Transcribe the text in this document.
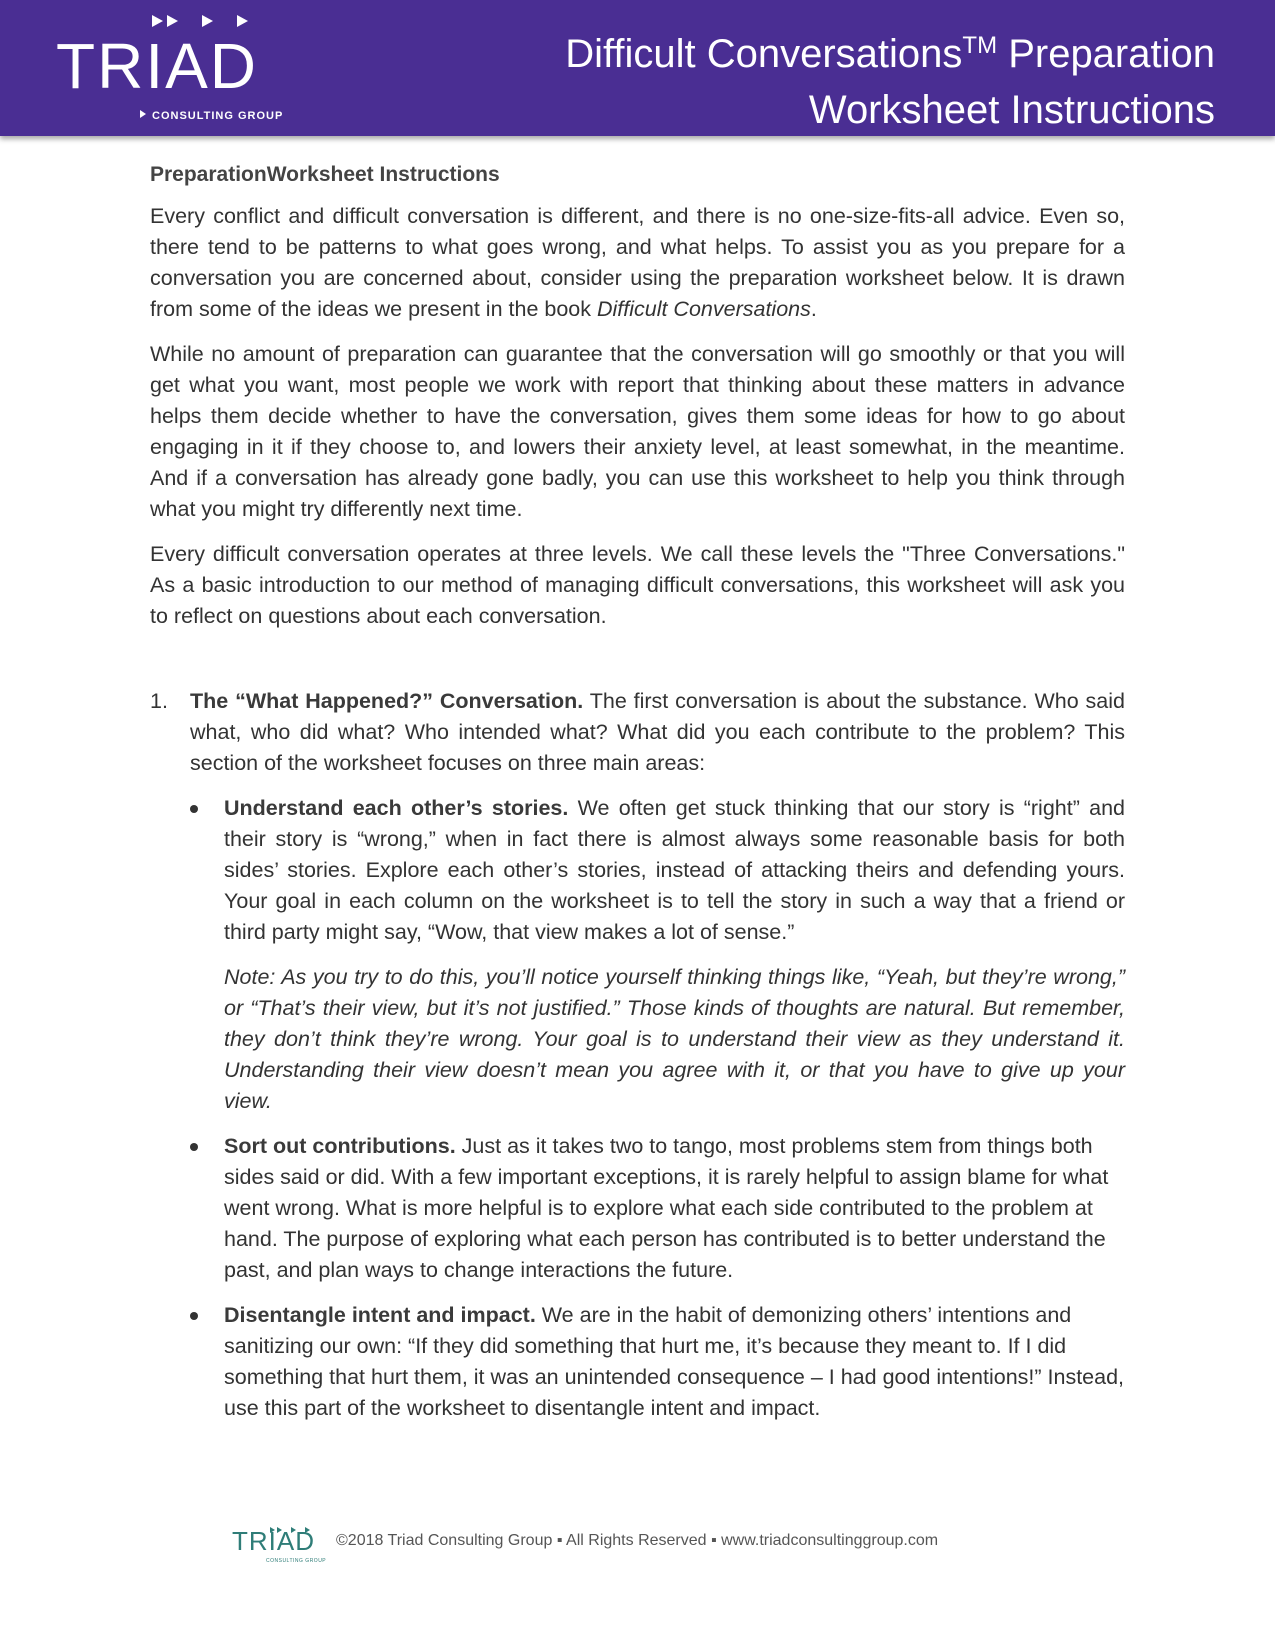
TRIAD
CONSULTING GROUP
Difficult Conversations™ Preparation
Worksheet Instructions
PreparationWorksheet Instructions

Every conflict and difficult conversation is different, and there is no one-size-fits-all advice. Even so, there tend to be patterns to what goes wrong, and what helps. To assist you as you prepare for a conversation you are concerned about, consider using the preparation worksheet below. It is drawn from some of the ideas we present in the book Difficult Conversations.

While no amount of preparation can guarantee that the conversation will go smoothly or that you will get what you want, most people we work with report that thinking about these matters in advance helps them decide whether to have the conversation, gives them some ideas for how to go about engaging in it if they choose to, and lowers their anxiety level, at least somewhat, in the meantime. And if a conversation has already gone badly, you can use this worksheet to help you think through what you might try differently next time.

Every difficult conversation operates at three levels. We call these levels the "Three Conversations." As a basic introduction to our method of managing difficult conversations, this worksheet will ask you to reflect on questions about each conversation.

1. The “What Happened?” Conversation. The first conversation is about the substance. Who said what, who did what? Who intended what? What did you each contribute to the problem? This section of the worksheet focuses on three main areas:

Understand each other’s stories. We often get stuck thinking that our story is “right” and their story is “wrong,” when in fact there is almost always some reasonable basis for both sides’ stories. Explore each other’s stories, instead of attacking theirs and defending yours. Your goal in each column on the worksheet is to tell the story in such a way that a friend or third party might say, “Wow, that view makes a lot of sense.”

Note: As you try to do this, you’ll notice yourself thinking things like, “Yeah, but they’re wrong,” or “That’s their view, but it’s not justified.” Those kinds of thoughts are natural. But remember, they don’t think they’re wrong. Your goal is to understand their view as they understand it. Understanding their view doesn’t mean you agree with it, or that you have to give up your view.

Sort out contributions. Just as it takes two to tango, most problems stem from things both sides said or did. With a few important exceptions, it is rarely helpful to assign blame for what went wrong. What is more helpful is to explore what each side contributed to the problem at hand. The purpose of exploring what each person has contributed is to better understand the past, and plan ways to change interactions the future.

Disentangle intent and impact. We are in the habit of demonizing others’ intentions and sanitizing our own: “If they did something that hurt me, it’s because they meant to. If I did something that hurt them, it was an unintended consequence – I had good intentions!” Instead, use this part of the worksheet to disentangle intent and impact.

TRIAD
CONSULTING GROUP
©2018 Triad Consulting Group ▪ All Rights Reserved ▪ www.triadconsultinggroup.com
